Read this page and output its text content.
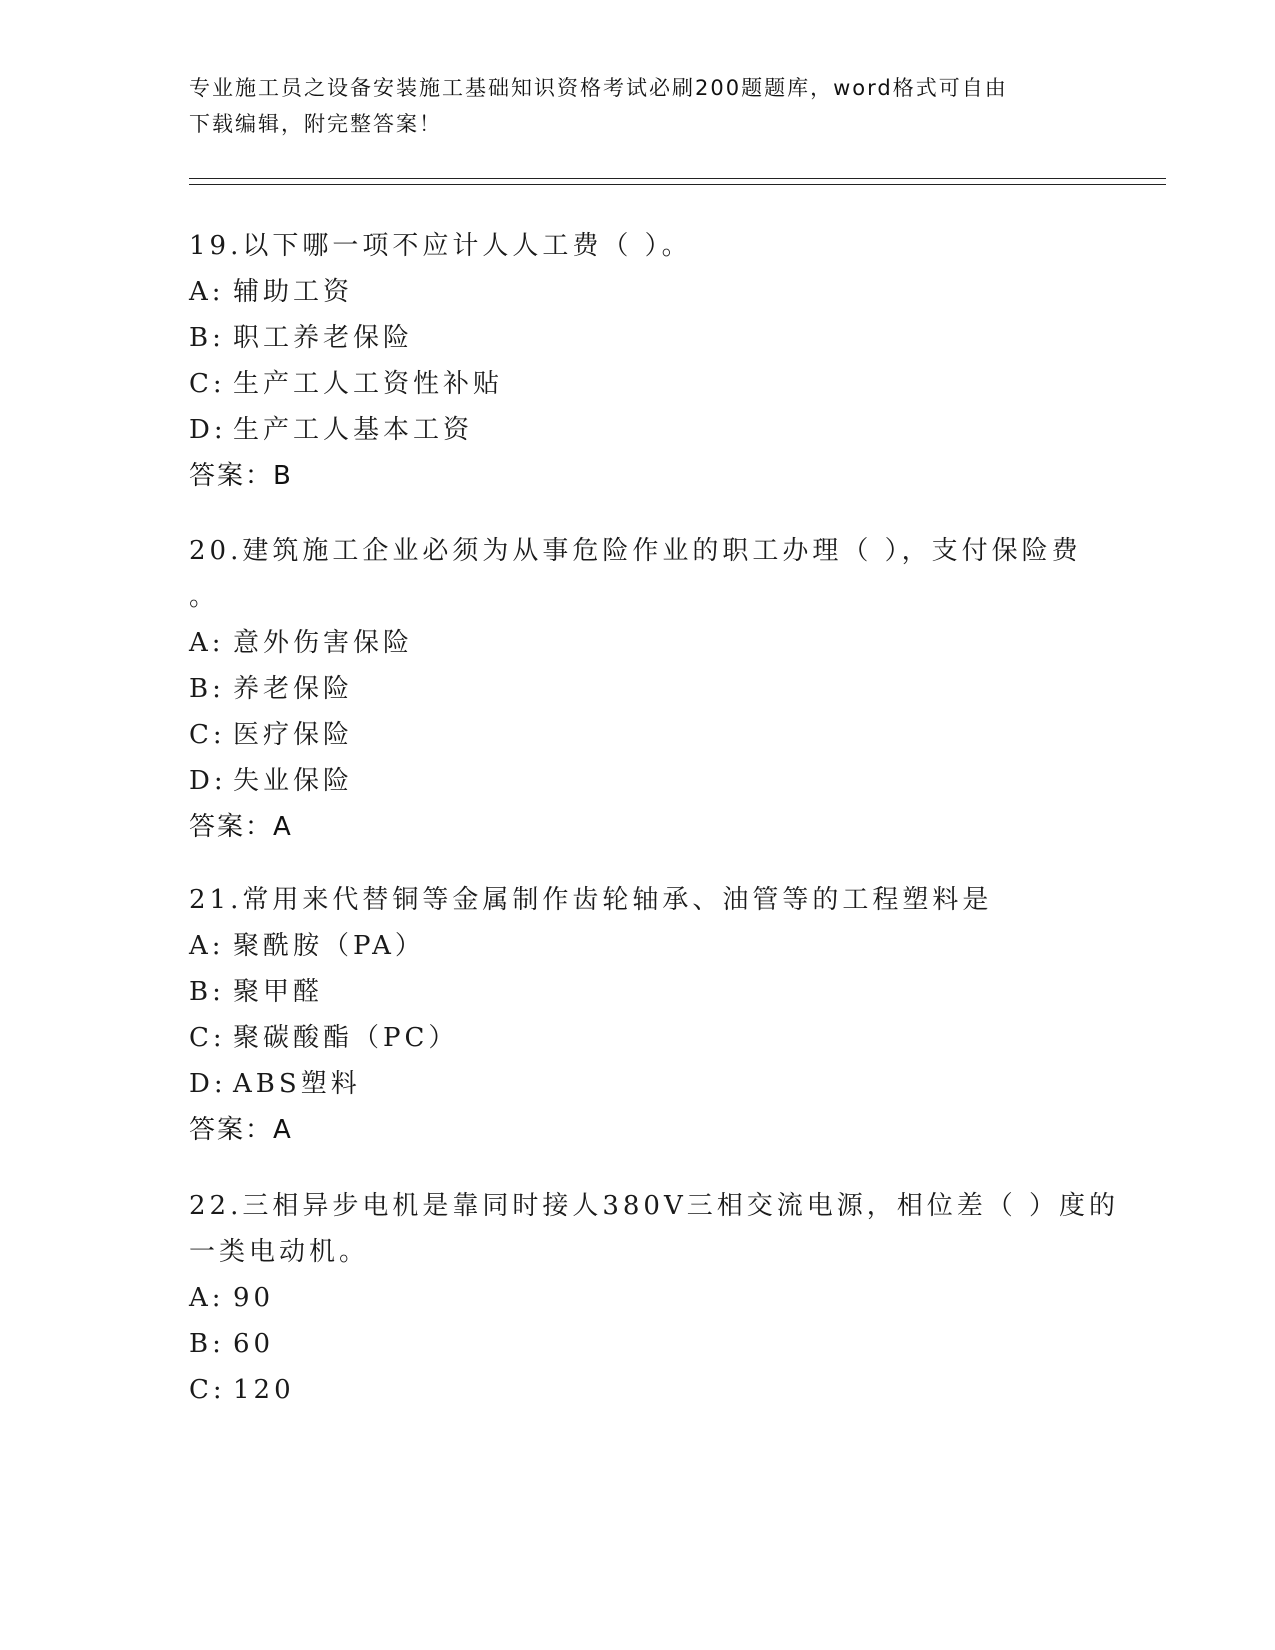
专业施工员之设备安装施工基础知识资格考试必刷200题题库，word格式可自由
下载编辑，附完整答案！
19.以下哪一项不应计人人工费（ ）。
A: 辅助工资
B: 职工养老保险
C: 生产工人工资性补贴
D: 生产工人基本工资
答案：B
20.建筑施工企业必须为从事危险作业的职工办理（ ），支付保险费
。
A: 意外伤害保险
B: 养老保险
C: 医疗保险
D: 失业保险
答案：A
21.常用来代替铜等金属制作齿轮轴承、油管等的工程塑料是
A: 聚酰胺（PA）
B: 聚甲醛
C: 聚碳酸酯（PC）
D: ABS塑料
答案：A
22.三相异步电机是靠同时接人380V三相交流电源，相位差（ ）度的
一类电动机。
A: 90
B: 60
C: 120
